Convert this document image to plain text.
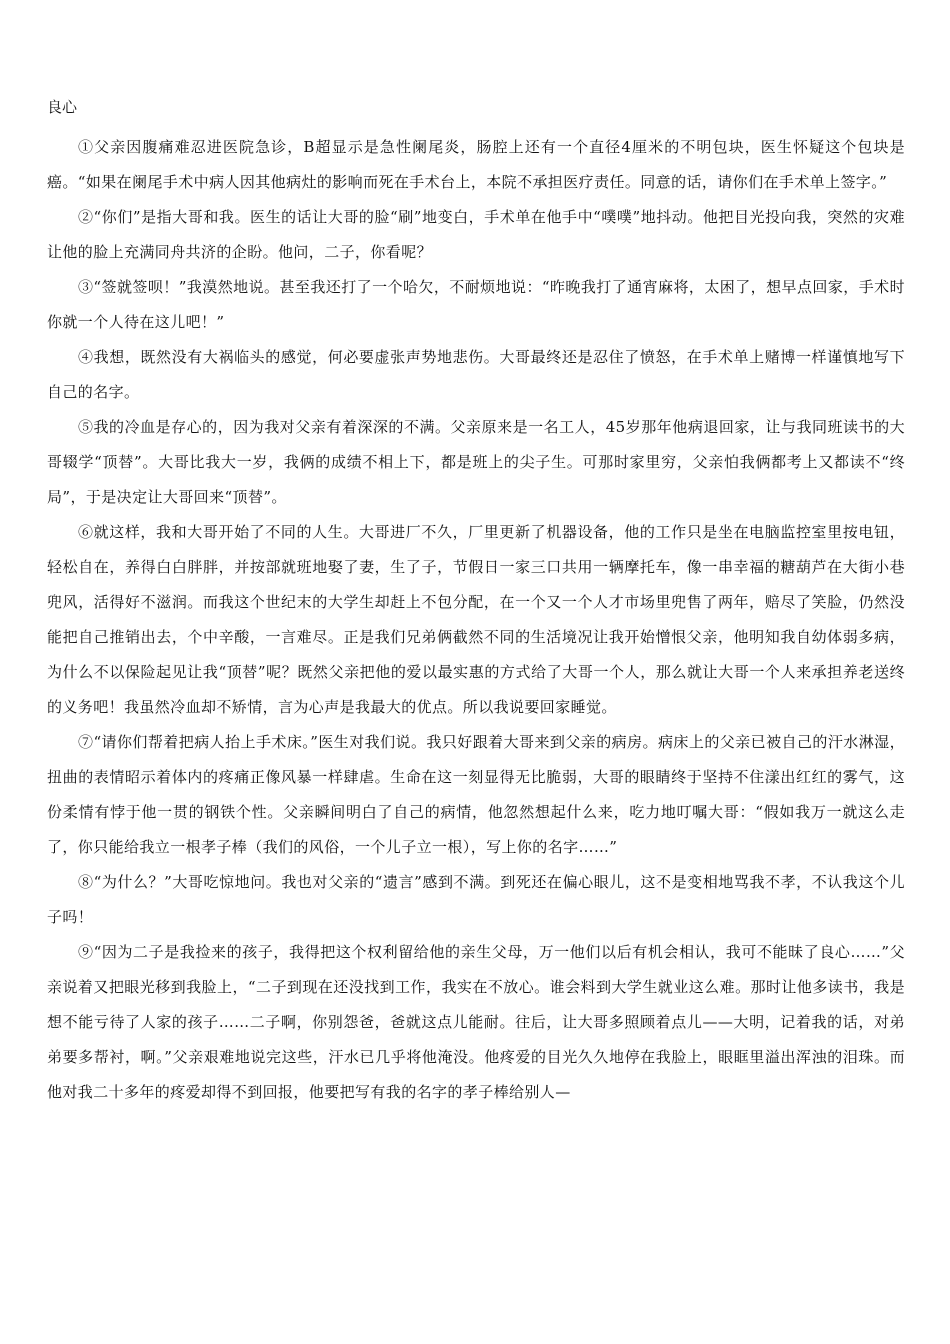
良心

①父亲因腹痛难忍进医院急诊，B超显示是急性阑尾炎，肠腔上还有一个直径4厘米的不明包块，医生怀疑这个包块是癌。“如果在阑尾手术中病人因其他病灶的影响而死在手术台上，本院不承担医疗责任。同意的话，请你们在手术单上签字。”

②“你们”是指大哥和我。医生的话让大哥的脸“刷”地变白，手术单在他手中“噗噗”地抖动。他把目光投向我，突然的灾难让他的脸上充满同舟共济的企盼。他问，二子，你看呢？

③“签就签呗！”我漠然地说。甚至我还打了一个哈欠，不耐烦地说：“昨晚我打了通宵麻将，太困了，想早点回家，手术时你就一个人待在这儿吧！”

④我想，既然没有大祸临头的感觉，何必要虚张声势地悲伤。大哥最终还是忍住了愤怒，在手术单上赌博一样谨慎地写下自己的名字。

⑤我的冷血是存心的，因为我对父亲有着深深的不满。父亲原来是一名工人，45岁那年他病退回家，让与我同班读书的大哥辍学“顶替”。大哥比我大一岁，我俩的成绩不相上下，都是班上的尖子生。可那时家里穷，父亲怕我俩都考上又都读不“终局”，于是决定让大哥回来“顶替”。

⑥就这样，我和大哥开始了不同的人生。大哥进厂不久，厂里更新了机器设备，他的工作只是坐在电脑监控室里按电钮，轻松自在，养得白白胖胖，并按部就班地娶了妻，生了子，节假日一家三口共用一辆摩托车，像一串幸福的糖葫芦在大街小巷兜风，活得好不滋润。而我这个世纪末的大学生却赶上不包分配，在一个又一个人才市场里兜售了两年，赔尽了笑脸，仍然没能把自己推销出去，个中辛酸，一言难尽。正是我们兄弟俩截然不同的生活境况让我开始憎恨父亲，他明知我自幼体弱多病，为什么不以保险起见让我“顶替”呢？既然父亲把他的爱以最实惠的方式给了大哥一个人，那么就让大哥一个人来承担养老送终的义务吧！我虽然冷血却不矫情，言为心声是我最大的优点。所以我说要回家睡觉。

⑦“请你们帮着把病人抬上手术床。”医生对我们说。我只好跟着大哥来到父亲的病房。病床上的父亲已被自己的汗水淋湿，扭曲的表情昭示着体内的疼痛正像风暴一样肆虐。生命在这一刻显得无比脆弱，大哥的眼睛终于坚持不住漾出红红的雾气，这份柔情有悖于他一贯的钢铁个性。父亲瞬间明白了自己的病情，他忽然想起什么来，吃力地叮嘱大哥：“假如我万一就这么走了，你只能给我立一根孝子棒（我们的风俗，一个儿子立一根），写上你的名字……”

⑧“为什么？”大哥吃惊地问。我也对父亲的“遗言”感到不满。到死还在偏心眼儿，这不是变相地骂我不孝，不认我这个儿子吗！

⑨“因为二子是我捡来的孩子，我得把这个权利留给他的亲生父母，万一他们以后有机会相认，我可不能昧了良心……”父亲说着又把眼光移到我脸上，“二子到现在还没找到工作，我实在不放心。谁会料到大学生就业这么难。那时让他多读书，我是想不能亏待了人家的孩子……二子啊，你别怨爸，爸就这点儿能耐。往后，让大哥多照顾着点儿——大明，记着我的话，对弟弟要多帮衬，啊。”父亲艰难地说完这些，汗水已几乎将他淹没。他疼爱的目光久久地停在我脸上，眼眶里溢出浑浊的泪珠。而他对我二十多年的疼爱却得不到回报，他要把写有我的名字的孝子棒给别人—
